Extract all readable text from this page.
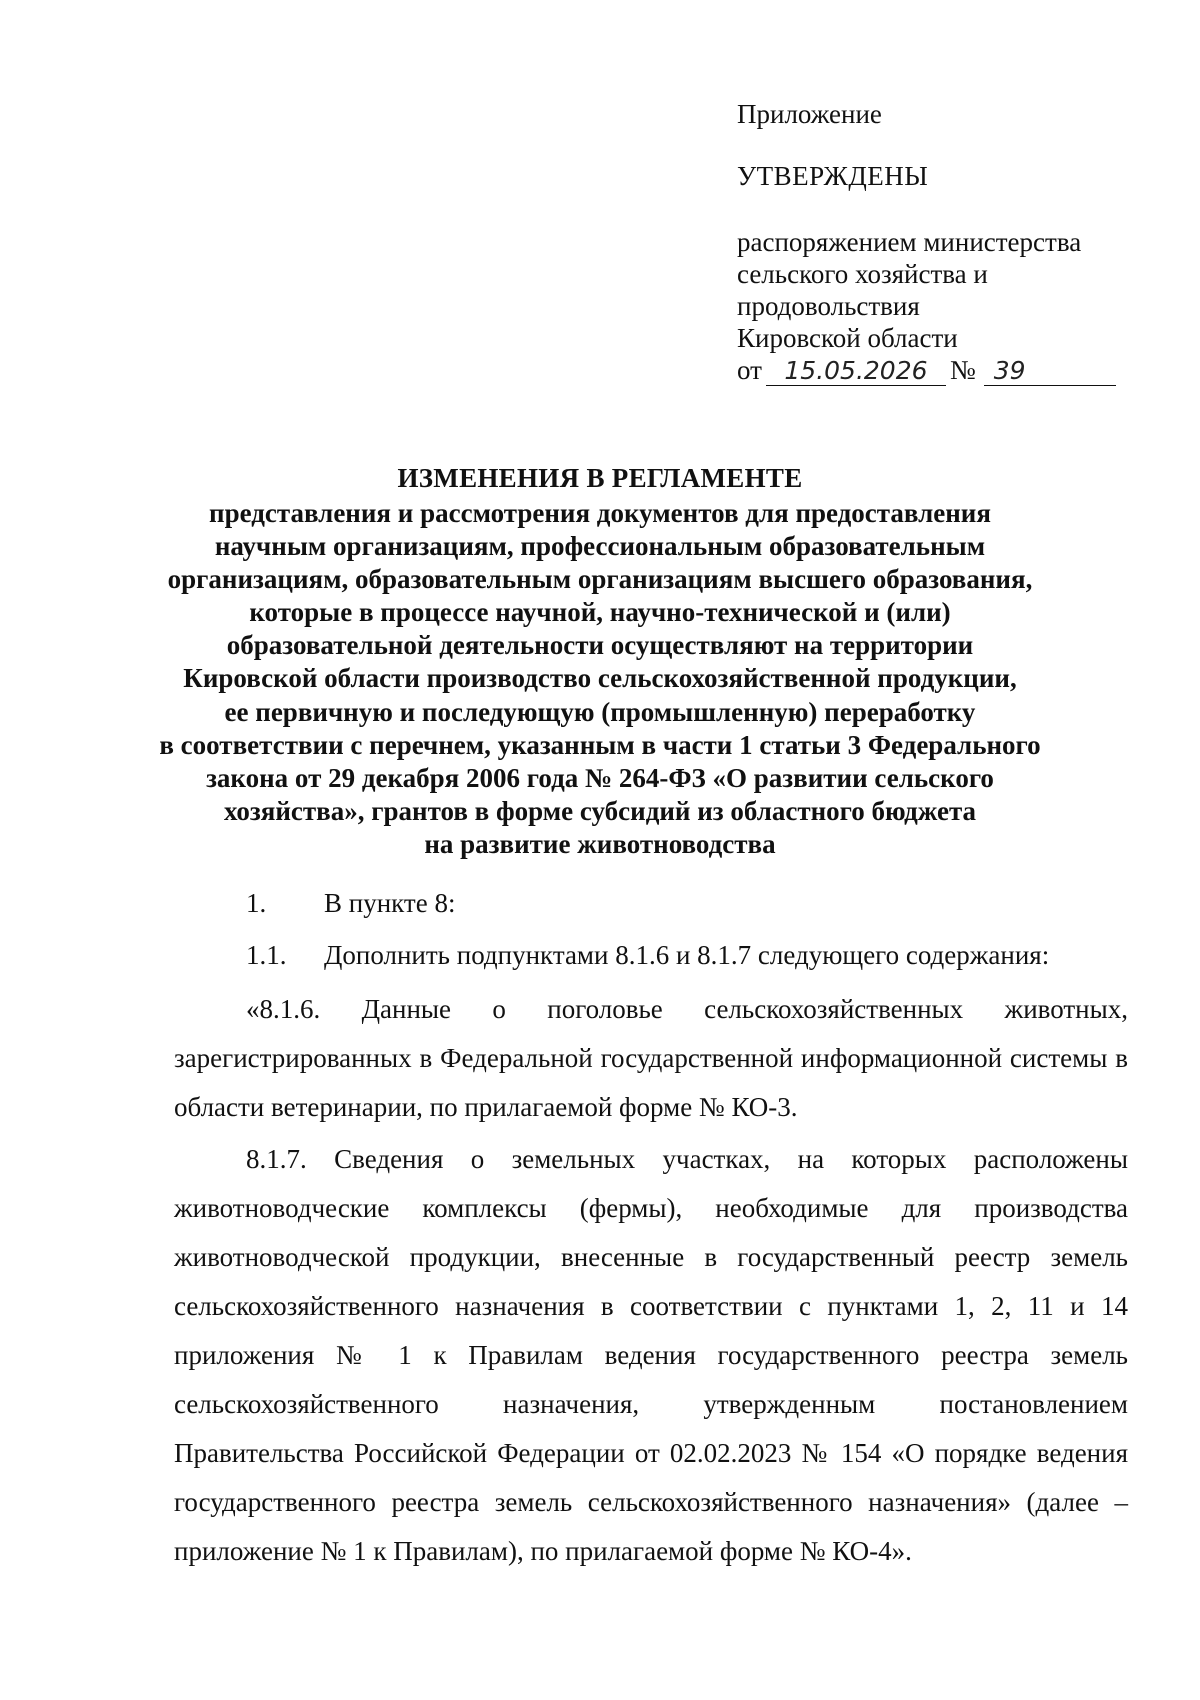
Приложение

УТВЕРЖДЕНЫ

распоряжением министерства

сельского хозяйства и

продовольствия

Кировской области

от 15.05.2026 № 39

ИЗМЕНЕНИЯ В РЕГЛАМЕНТЕ

представления и рассмотрения документов для предоставления

научным организациям, профессиональным образовательным

организациям, образовательным организациям высшего образования,

которые в процессе научной, научно-технической и (или)

образовательной деятельности осуществляют на территории

Кировской области производство сельскохозяйственной продукции,

ее первичную и последующую (промышленную) переработку

в соответствии с перечнем, указанным в части 1 статьи 3 Федерального

закона от 29 декабря 2006 года № 264-ФЗ «О развитии сельского

хозяйства», грантов в форме субсидий из областного бюджета

на развитие животноводства

1. В пункте 8:

1.1. Дополнить подпунктами 8.1.6 и 8.1.7 следующего содержания:

«8.1.6. Данные о поголовье сельскохозяйственных животных, зарегистрированных в Федеральной государственной информационной системы в области ветеринарии, по прилагаемой форме № КО-3.

8.1.7. Сведения о земельных участках, на которых расположены животноводческие комплексы (фермы), необходимые для производства животноводческой продукции, внесенные в государственный реестр земель сельскохозяйственного назначения в соответствии с пунктами 1, 2, 11 и 14 приложения № 1 к Правилам ведения государственного реестра земель сельскохозяйственного назначения, утвержденным постановлением Правительства Российской Федерации от 02.02.2023 № 154 «О порядке ведения государственного реестра земель сельскохозяйственного назначения» (далее – приложение № 1 к Правилам), по прилагаемой форме № КО-4».
